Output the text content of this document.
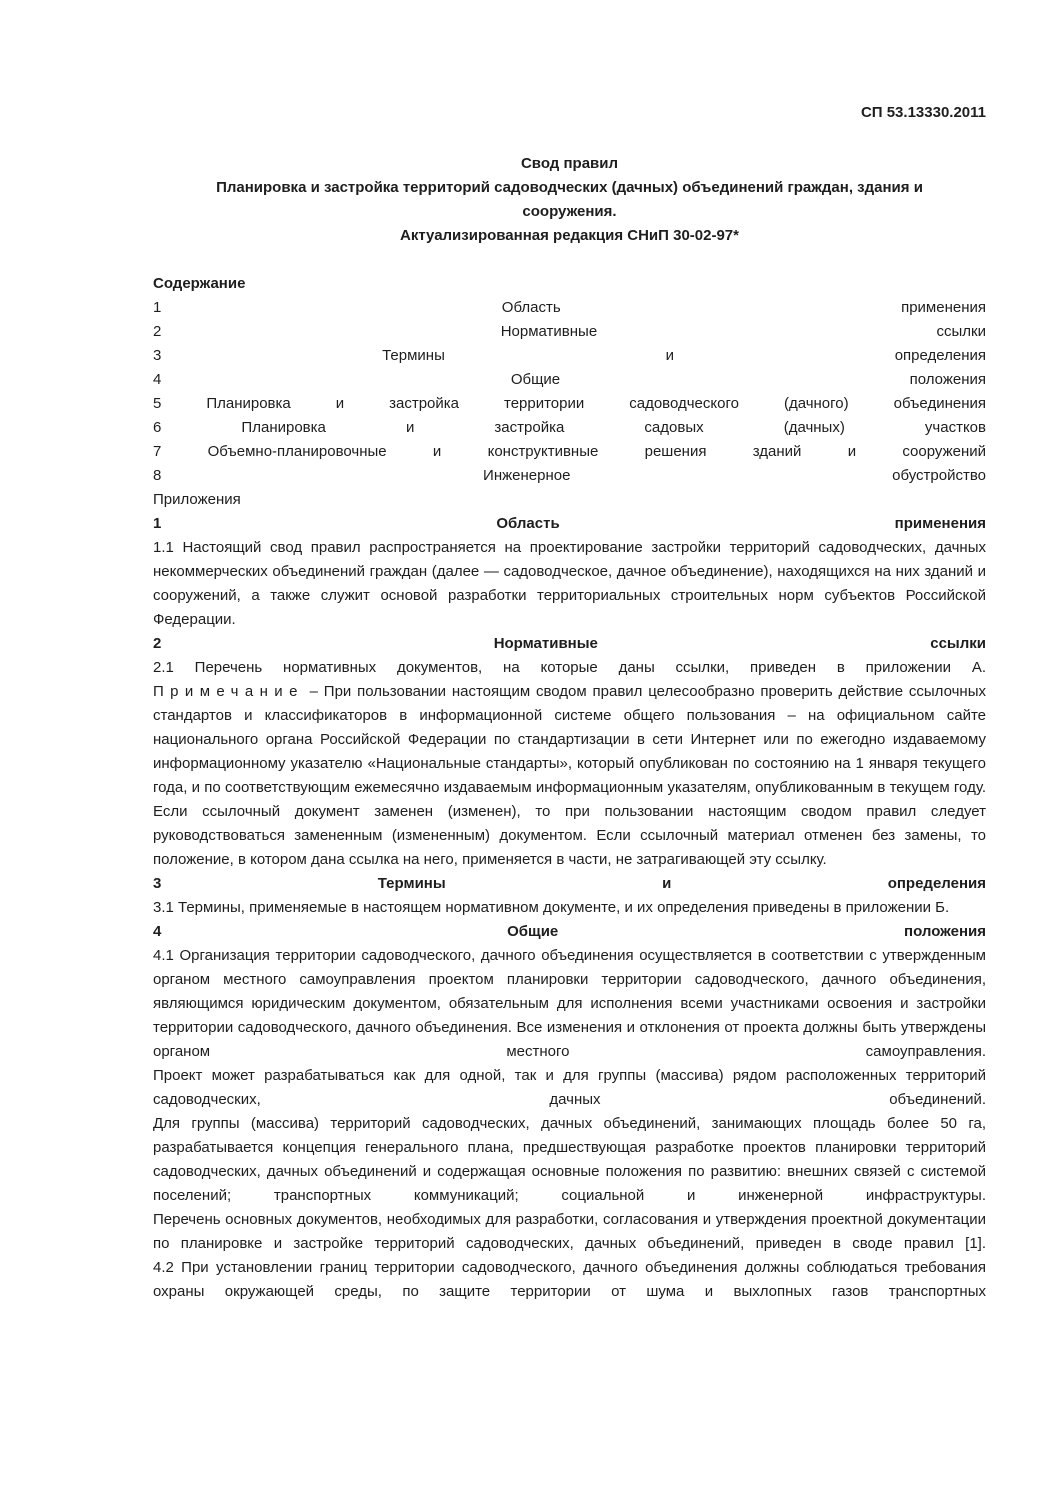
СП 53.13330.2011

Свод правил

Планировка и застройка территорий садоводческих (дачных) объединений граждан, здания и

сооружения.

Актуализированная редакция СНиП 30-02-97*

Содержание

1 Область применения

2 Нормативные ссылки

3 Термины и определения

4 Общие положения

5 Планировка и застройка территории садоводческого (дачного) объединения

6 Планировка и застройка садовых (дачных) участков

7 Объемно-планировочные и конструктивные решения зданий и сооружений

8 Инженерное обустройство

Приложения

1 Область применения

1.1 Настоящий свод правил распространяется на проектирование застройки территорий садоводческих, дачных некоммерческих объединений граждан (далее — садоводческое, дачное объединение), находящихся на них зданий и сооружений, а также служит основой разработки территориальных строительных норм субъектов Российской Федерации.

2 Нормативные ссылки

2.1 Перечень нормативных документов, на которые даны ссылки, приведен в приложении А.

Примечание – При пользовании настоящим сводом правил целесообразно проверить действие ссылочных стандартов и классификаторов в информационной системе общего пользования – на официальном сайте национального органа Российской Федерации по стандартизации в сети Интернет или по ежегодно издаваемому информационному указателю «Национальные стандарты», который опубликован по состоянию на 1 января текущего года, и по соответствующим ежемесячно издаваемым информационным указателям, опубликованным в текущем году. Если ссылочный документ заменен (изменен), то при пользовании настоящим сводом правил следует руководствоваться замененным (измененным) документом. Если ссылочный материал отменен без замены, то положение, в котором дана ссылка на него, применяется в части, не затрагивающей эту ссылку.

3 Термины и определения

3.1 Термины, применяемые в настоящем нормативном документе, и их определения приведены в приложении Б.

4 Общие положения

4.1 Организация территории садоводческого, дачного объединения осуществляется в соответствии с утвержденным органом местного самоуправления проектом планировки территории садоводческого, дачного объединения, являющимся юридическим документом, обязательным для исполнения всеми участниками освоения и застройки территории садоводческого, дачного объединения. Все изменения и отклонения от проекта должны быть утверждены органом местного самоуправления.

Проект может разрабатываться как для одной, так и для группы (массива) рядом расположенных территорий садоводческих, дачных объединений.

Для группы (массива) территорий садоводческих, дачных объединений, занимающих площадь более 50 га, разрабатывается концепция генерального плана, предшествующая разработке проектов планировки территорий садоводческих, дачных объединений и содержащая основные положения по развитию: внешних связей с системой поселений; транспортных коммуникаций; социальной и инженерной инфраструктуры.

Перечень основных документов, необходимых для разработки, согласования и утверждения проектной документации по планировке и застройке территорий садоводческих, дачных объединений, приведен в своде правил [1].

4.2 При установлении границ территории садоводческого, дачного объединения должны соблюдаться требования охраны окружающей среды, по защите территории от шума и выхлопных газов транспортных
